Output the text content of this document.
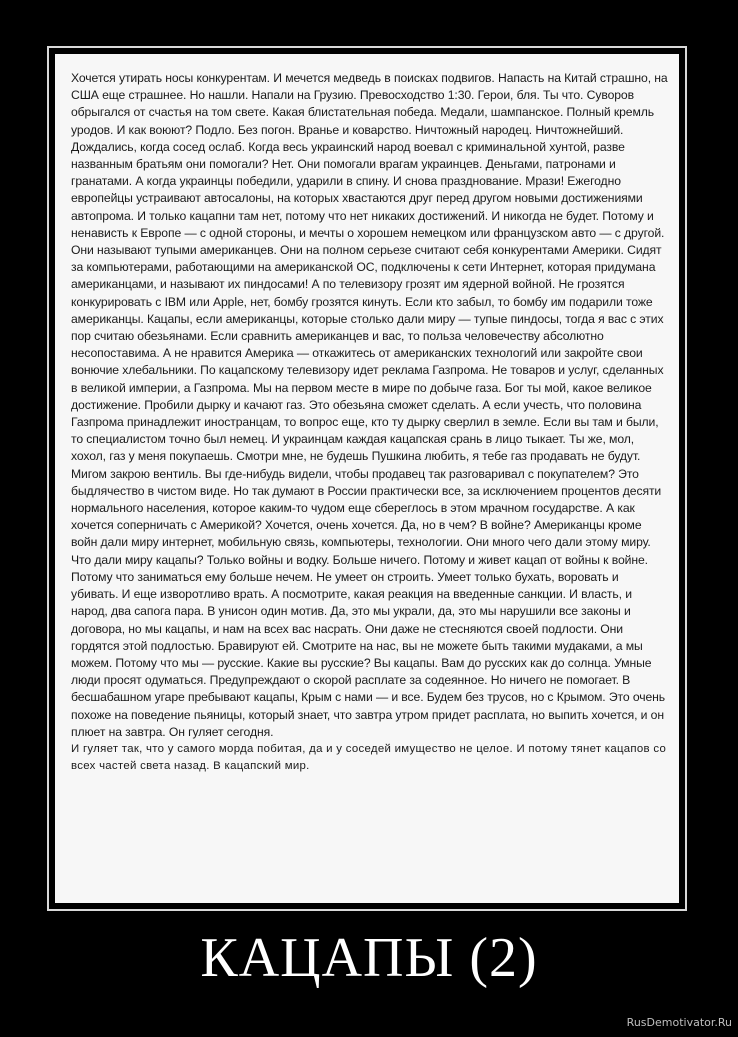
Хочется утирать носы конкурентам. И мечется медведь в поисках подвигов. Напасть на Китай страшно, на США еще страшнее. Но нашли. Напали на Грузию. Превосходство 1:30. Герои, бля. Ты что. Суворов обрыгался от счастья на том свете. Какая блистательная победа. Медали, шампанское. Полный кремль уродов. И как воюют? Подло. Без погон. Вранье и коварство. Ничтожный народец. Ничтожнейший. Дождались, когда сосед ослаб. Когда весь украинский народ воевал с криминальной хунтой, разве названным братьям они помогали? Нет. Они помогали врагам украинцев. Деньгами, патронами и гранатами. А когда украинцы победили, ударили в спину. И снова празднование. Мрази! Ежегодно европейцы устраивают автосалоны, на которых хвастаются друг перед другом новыми достижениями автопрома. И только кацапни там нет, потому что нет никаких достижений. И никогда не будет. Потому и ненависть к Европе — с одной стороны, и мечты о хорошем немецком или французском авто — с другой. Они называют тупыми американцев. Они на полном серьезе считают себя конкурентами Америки. Сидят за компьютерами, работающими на американской ОС, подключены к сети Интернет, которая придумана американцами, и называют их пиндосами! А по телевизору грозят им ядерной войной. Не грозятся конкурировать с IBM или Apple, нет, бомбу грозятся кинуть. Если кто забыл, то бомбу им подарили тоже американцы. Кацапы, если американцы, которые столько дали миру — тупые пиндосы, тогда я вас с этих пор считаю обезьянами. Если сравнить американцев и вас, то польза человечеству абсолютно несопоставима. А не нравится Америка — откажитесь от американских технологий или закройте свои вонючие хлебальники. По кацапскому телевизору идет реклама Газпрома. Не товаров и услуг, сделанных в великой империи, а Газпрома. Мы на первом месте в мире по добыче газа. Бог ты мой, какое великое достижение. Пробили дырку и качают газ. Это обезьяна сможет сделать. А если учесть, что половина Газпрома принадлежит иностранцам, то вопрос еще, кто ту дырку сверлил в земле. Если вы там и были, то специалистом точно был немец. И украинцам каждая кацапская срань в лицо тыкает. Ты же, мол, хохол, газ у меня покупаешь. Смотри мне, не будешь Пушкина любить, я тебе газ продавать не будут. Мигом закрою вентиль. Вы где-нибудь видели, чтобы продавец так разговаривал с покупателем? Это быдлячество в чистом виде. Но так думают в России практически все, за исключением процентов десяти нормального населения, которое каким-то чудом еще сбереглось в этом мрачном государстве. А как хочется соперничать с Америкой? Хочется, очень хочется. Да, но в чем? В войне? Американцы кроме войн дали миру интернет, мобильную связь, компьютеры, технологии. Они много чего дали этому миру. Что дали миру кацапы? Только войны и водку. Больше ничего. Потому и живет кацап от войны к войне. Потому что заниматься ему больше нечем. Не умеет он строить. Умеет только бухать, воровать и убивать. И еще изворотливо врать. А посмотрите, какая реакция на введенные санкции. И власть, и народ, два сапога пара. В унисон один мотив. Да, это мы украли, да, это мы нарушили все законы и договора, но мы кацапы, и нам на всех вас насрать. Они даже не стесняются своей подлости. Они гордятся этой подлостью. Бравируют ей. Смотрите на нас, вы не можете быть такими мудаками, а мы можем. Потому что мы — русские. Какие вы русские? Вы кацапы. Вам до русских как до солнца. Умные люди просят одуматься. Предупреждают о скорой расплате за содеянное. Но ничего не помогает. В бесшабашном угаре пребывают кацапы, Крым с нами — и все. Будем без трусов, но с Крымом. Это очень похоже на поведение пьяницы, который знает, что завтра утром придет расплата, но выпить хочется, и он плюет на завтра. Он гуляет сегодня.

И гуляет так, что у самого морда побитая, да и у соседей имущество не целое. И потому тянет кацапов со всех частей света назад. В кацапский мир.

КАЦАПЫ (2)
RusDemotivator.Ru
